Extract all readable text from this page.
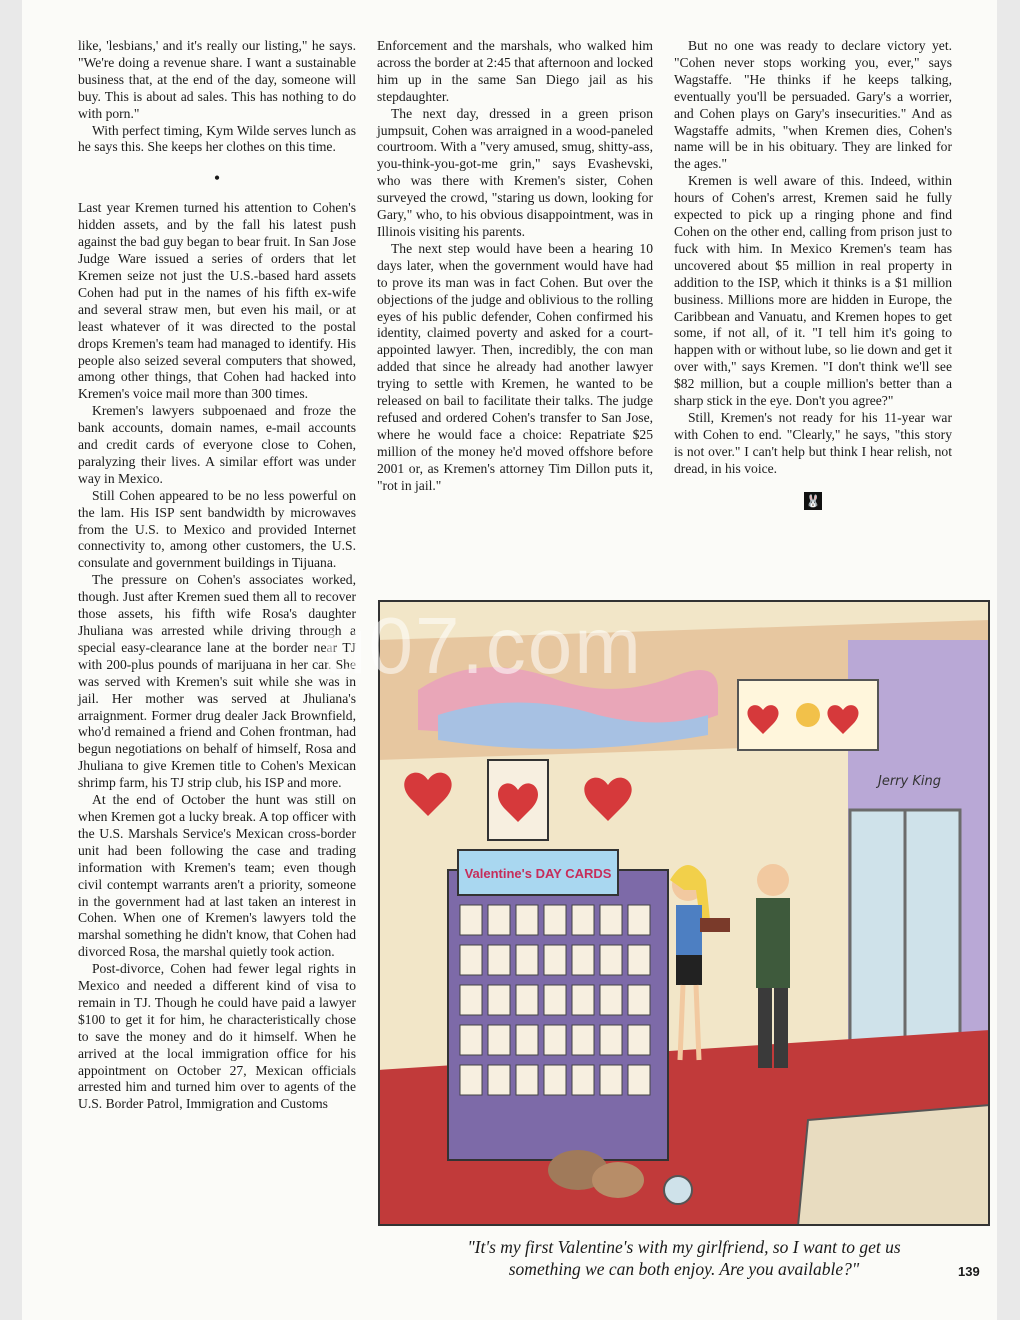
like, 'lesbians,' and it's really our listing," he says. "We're doing a revenue share. I want a sustainable business that, at the end of the day, someone will buy. This is about ad sales. This has nothing to do with porn."

With perfect timing, Kym Wilde serves lunch as he says this. She keeps her clothes on this time.

•

Last year Kremen turned his attention to Cohen's hidden assets, and by the fall his latest push against the bad guy began to bear fruit. In San Jose Judge Ware issued a series of orders that let Kremen seize not just the U.S.-based hard assets Cohen had put in the names of his fifth ex-wife and several straw men, but even his mail, or at least whatever of it was directed to the postal drops Kremen's team had managed to identify. His people also seized several computers that showed, among other things, that Cohen had hacked into Kremen's voice mail more than 300 times.

Kremen's lawyers subpoenaed and froze the bank accounts, domain names, e-mail accounts and credit cards of everyone close to Cohen, paralyzing their lives. A similar effort was under way in Mexico.

Still Cohen appeared to be no less powerful on the lam. His ISP sent bandwidth by microwaves from the U.S. to Mexico and provided Internet connectivity to, among other customers, the U.S. consulate and government buildings in Tijuana.

The pressure on Cohen's associates worked, though. Just after Kremen sued them all to recover those assets, his fifth wife Rosa's daughter Jhuliana was arrested while driving through a special easy-clearance lane at the border near TJ with 200-plus pounds of marijuana in her car. She was served with Kremen's suit while she was in jail. Her mother was served at Jhuliana's arraignment. Former drug dealer Jack Brownfield, who'd remained a friend and Cohen frontman, had begun negotiations on behalf of himself, Rosa and Jhuliana to give Kremen title to Cohen's Mexican shrimp farm, his TJ strip club, his ISP and more.

At the end of October the hunt was still on when Kremen got a lucky break. A top officer with the U.S. Marshals Service's Mexican cross-border unit had been following the case and trading information with Kremen's team; even though civil contempt warrants aren't a priority, someone in the government had at last taken an interest in Cohen. When one of Kremen's lawyers told the marshal something he didn't know, that Cohen had divorced Rosa, the marshal quietly took action.

Post-divorce, Cohen had fewer legal rights in Mexico and needed a different kind of visa to remain in TJ. Though he could have paid a lawyer $100 to get it for him, he characteristically chose to save the money and do it himself. When he arrived at the local immigration office for his appointment on October 27, Mexican officials arrested him and turned him over to agents of the U.S. Border Patrol, Immigration and Customs

Enforcement and the marshals, who walked him across the border at 2:45 that afternoon and locked him up in the same San Diego jail as his stepdaughter.

The next day, dressed in a green prison jumpsuit, Cohen was arraigned in a wood-paneled courtroom. With a "very amused, smug, shitty-ass, you-think-you-got-me grin," says Evashevski, who was there with Kremen's sister, Cohen surveyed the crowd, "staring us down, looking for Gary," who, to his obvious disappointment, was in Illinois visiting his parents.

The next step would have been a hearing 10 days later, when the government would have had to prove its man was in fact Cohen. But over the objections of the judge and oblivious to the rolling eyes of his public defender, Cohen confirmed his identity, claimed poverty and asked for a court-appointed lawyer. Then, incredibly, the con man added that since he already had another lawyer trying to settle with Kremen, he wanted to be released on bail to facilitate their talks. The judge refused and ordered Cohen's transfer to San Jose, where he would face a choice: Repatriate $25 million of the money he'd moved offshore before 2001 or, as Kremen's attorney Tim Dillon puts it, "rot in jail."

But no one was ready to declare victory yet. "Cohen never stops working you, ever," says Wagstaffe. "He thinks if he keeps talking, eventually you'll be persuaded. Gary's a worrier, and Cohen plays on Gary's insecurities." And as Wagstaffe admits, "when Kremen dies, Cohen's name will be in his obituary. They are linked for the ages."

Kremen is well aware of this. Indeed, within hours of Cohen's arrest, Kremen said he fully expected to pick up a ringing phone and find Cohen on the other end, calling from prison just to fuck with him. In Mexico Kremen's team has uncovered about $5 million in real property in addition to the ISP, which it thinks is a $1 million business. Millions more are hidden in Europe, the Caribbean and Vanuatu, and Kremen hopes to get some, if not all, of it. "I tell him it's going to happen with or without lube, so lie down and get it over with," says Kremen. "I don't think we'll see $82 million, but a couple million's better than a sharp stick in the eye. Don't you agree?"

Still, Kremen's not ready for his 11-year war with Cohen to end. "Clearly," he says, "this story is not over." I can't help but think I hear relish, not dread, in his voice.

🐰
Valentine's DAY CARDS
Jerry King
u07.com
"It's my first Valentine's with my girlfriend, so I want to get us
something we can both enjoy. Are you available?"	139
